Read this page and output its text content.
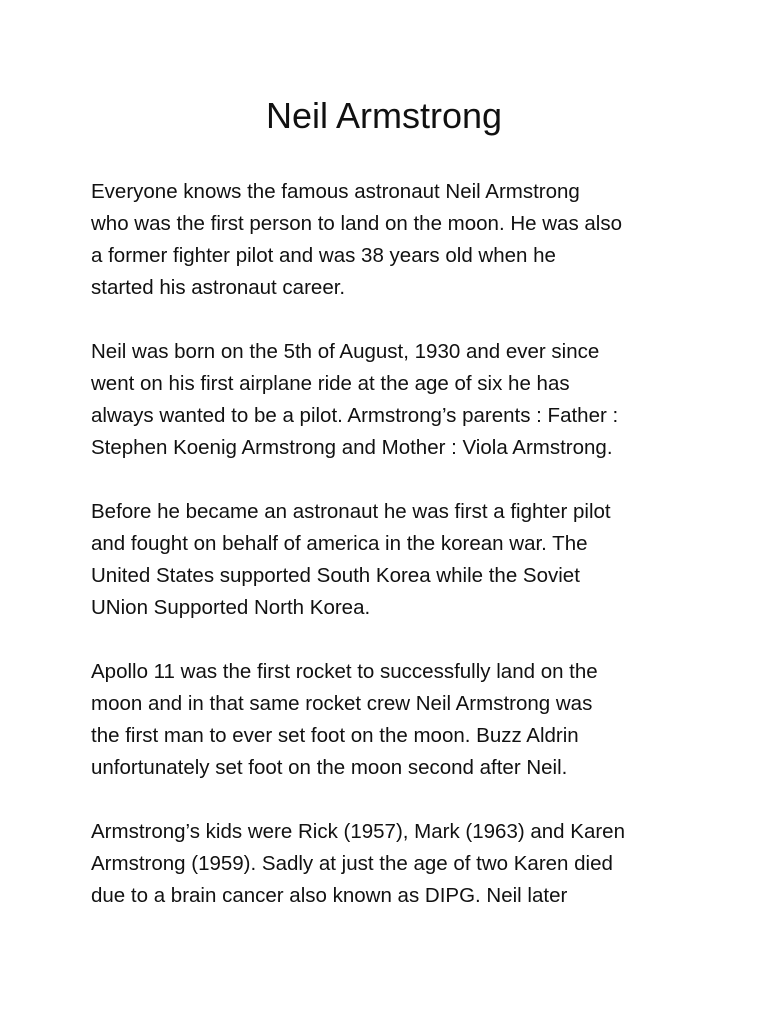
Neil Armstrong

Everyone knows the famous astronaut Neil Armstrong
who was the first person to land on the moon. He was also
a former fighter pilot and was 38 years old when he
started his astronaut career.

Neil was born on the 5th of August, 1930 and ever since
went on his first airplane ride at the age of six he has
always wanted to be a pilot. Armstrong’s parents : Father :
Stephen Koenig Armstrong and Mother : Viola Armstrong.

Before he became an astronaut he was first a fighter pilot
and fought on behalf of america in the korean war. The
United States supported South Korea while the Soviet
UNion Supported North Korea.

Apollo 11 was the first rocket to successfully land on the
moon and in that same rocket crew Neil Armstrong was
the first man to ever set foot on the moon. Buzz Aldrin
unfortunately set foot on the moon second after Neil.

Armstrong’s kids were Rick (1957), Mark (1963) and Karen
Armstrong (1959). Sadly at just the age of two Karen died
due to a brain cancer also known as DIPG. Neil later
